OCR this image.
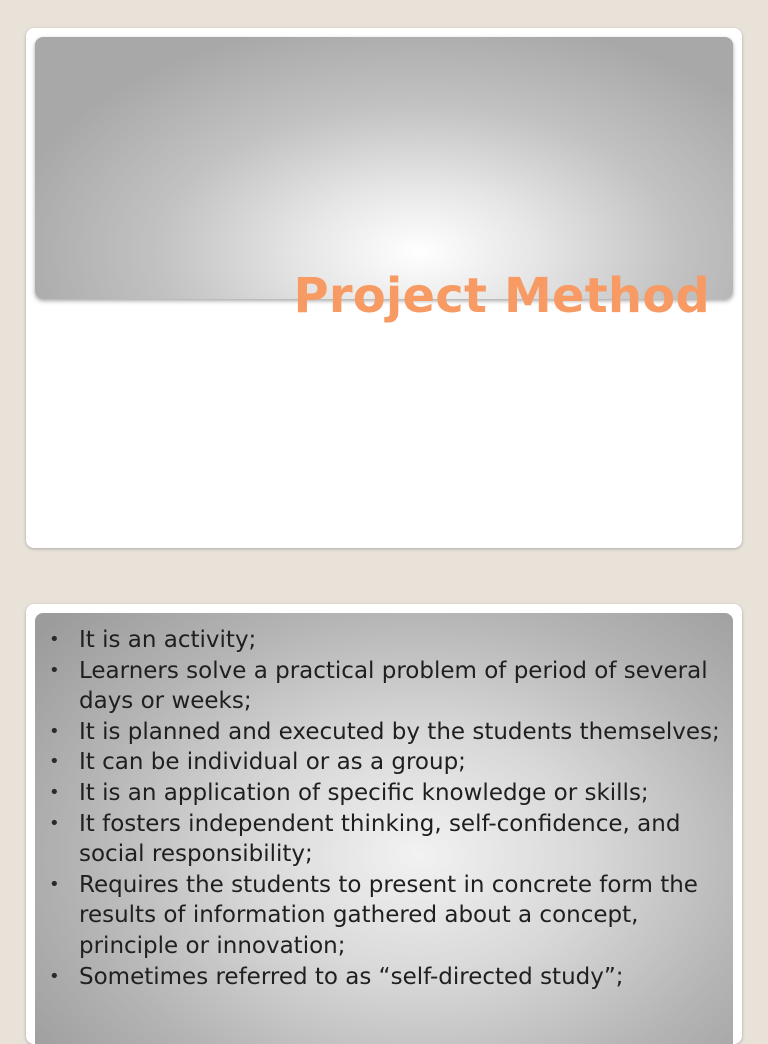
Project Method
• It is an activity;
• Learners solve a practical problem of period of several days or weeks;
• It is planned and executed by the students themselves;
• It can be individual or as a group;
• It is an application of specific knowledge or skills;
• It fosters independent thinking, self-confidence, and social responsibility;
• Requires the students to present in concrete form the results of information gathered about a concept, principle or innovation;
• Sometimes referred to as “self-directed study”;
